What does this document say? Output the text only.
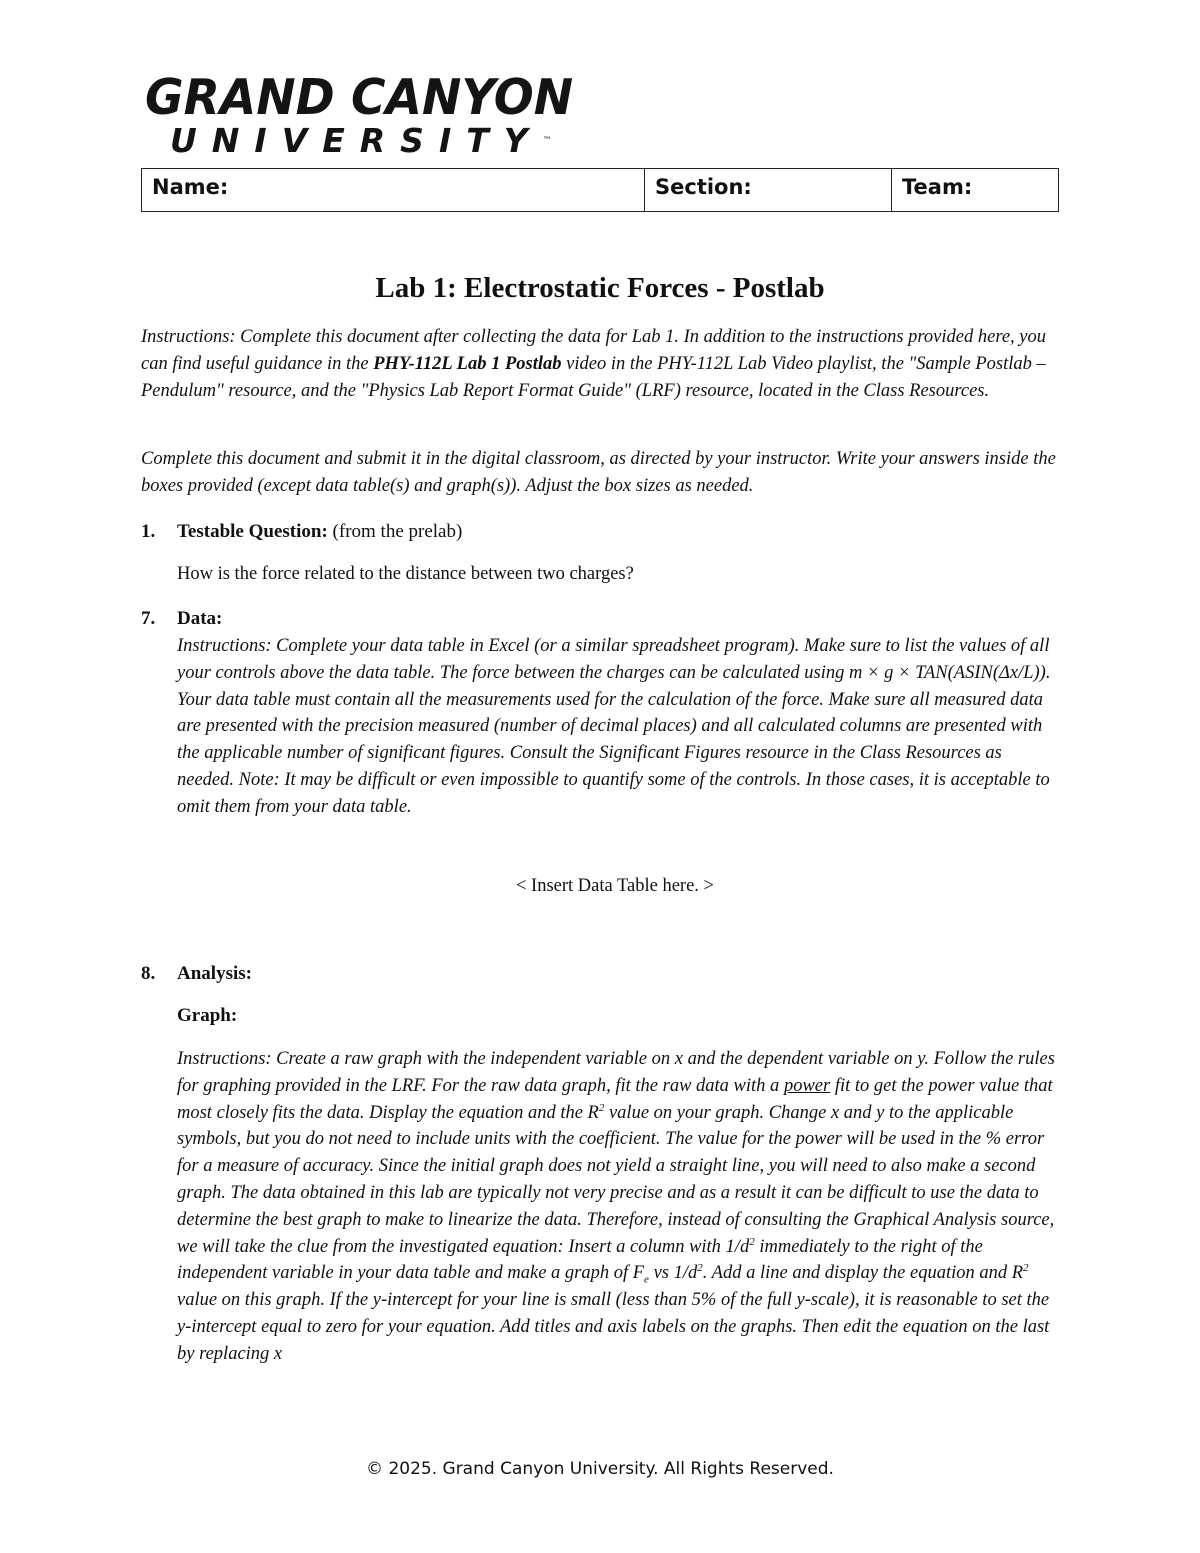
GRAND CANYON
UNIVERSITY™
Name:	Section:	Team:
Lab 1: Electrostatic Forces - Postlab
Instructions: Complete this document after collecting the data for Lab 1. In addition to the instructions provided here, you can find useful guidance in the PHY-112L Lab 1 Postlab video in the PHY-112L Lab Video playlist, the "Sample Postlab – Pendulum" resource, and the "Physics Lab Report Format Guide" (LRF) resource, located in the Class Resources.
Complete this document and submit it in the digital classroom, as directed by your instructor. Write your answers inside the boxes provided (except data table(s) and graph(s)). Adjust the box sizes as needed.
1. Testable Question: (from the prelab)
How is the force related to the distance between two charges?
7. Data:
Instructions: Complete your data table in Excel (or a similar spreadsheet program). Make sure to list the values of all your controls above the data table. The force between the charges can be calculated using m × g × TAN(ASIN(Δx/L)). Your data table must contain all the measurements used for the calculation of the force. Make sure all measured data are presented with the precision measured (number of decimal places) and all calculated columns are presented with the applicable number of significant figures. Consult the Significant Figures resource in the Class Resources as needed. Note: It may be difficult or even impossible to quantify some of the controls. In those cases, it is acceptable to omit them from your data table.
< Insert Data Table here. >
8. Analysis:
Graph:
Instructions: Create a raw graph with the independent variable on x and the dependent variable on y. Follow the rules for graphing provided in the LRF. For the raw data graph, fit the raw data with a power fit to get the power value that most closely fits the data. Display the equation and the $R^2$ value on your graph. Change x and y to the applicable symbols, but you do not need to include units with the coefficient. The value for the power will be used in the % error for a measure of accuracy. Since the initial graph does not yield a straight line, you will need to also make a second graph. The data obtained in this lab are typically not very precise and as a result it can be difficult to use the data to determine the best graph to make to linearize the data. Therefore, instead of consulting the Graphical Analysis source, we will take the clue from the investigated equation: Insert a column with $1/d^2$ immediately to the right of the independent variable in your data table and make a graph of $F_e$ vs $1/d^2$. Add a line and display the equation and $R^2$ value on this graph. If the y-intercept for your line is small (less than 5% of the full y-scale), it is reasonable to set the y-intercept equal to zero for your equation. Add titles and axis labels on the graphs. Then edit the equation on the last by replacing x
© 2025. Grand Canyon University. All Rights Reserved.
